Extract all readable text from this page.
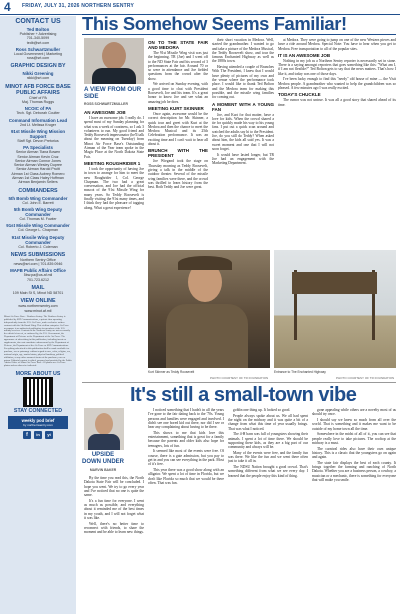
4 FRIDAY, JULY 31, 2026 NORTHERN SENTRY
CONTACT US
Ted Bolton
Publisher + Advertising
701-340-5099
tedb@srt.com
Ross Schwartzmuller
Local Government | Marketing
ross@srt.com
GRAPHIC DESIGN BY
Nikki Greening
nikki@srt.com
MINOT AFB FORCE BASE PUBLIC AFFAIRS
Chief of PA
Maj. Thomas Ruggs
NCOIC of PA
Tech. Sgt. Deborah Coulter
Command Information Lead
2nd Lt. Melissa Kruger
91st Missile Wing Mission Support
Staff Sgt. Devon Pretorius
PA Specialists
Senior Airman Tiana Bowen
Senior Airman Kevin Cruz
Senior Airman Connor Jones
Senior Airman Wesley Dupree
Senior Airman Harold Pruitt
Airman 1st Class Aubrey Romero
Airman 1st Class Haley Hoffman
Airman Benjamin Sellers
COMMANDERS
5th Bomb Wing Commander
Col. John E. Barrett
5th Bomb Wing Deputy Commander
Col. Thomas M. Fowler
91st Missile Wing Commander
Col. George L. Chapman
91st Missile Wing Deputy Commander
Col. Roberto J. Coleman
NEWS SUBMISSIONS
Northern Sentry Office
news@srt.com | 701.839.0946
MAFB Public Affairs Office
5bw.pa@us.af.mil
701.723.6212
MAIL
109 Main St S, Minot ND 58701
VIEW ONLINE
www.northernsentry.com
www.minot.af.mil
Minot Air Force Base - Northern Sentry: The Northern Sentry is published by SRT Communications, a private firm operating independently from the U.S. Air Force, under exclusive written contract with the 5th Bomb Wing. This civilian enterprise Air Force newspaper is an authorized publication for members of the U.S. military services. Contents of the Northern Sentry are not necessarily the official views of, or endorsed by, the U.S. Government, the Department of Defense or the Department of the Air Force. The appearance of advertising in this publication, including inserts or supplements, does not constitute endorsement by the Department of Defense, the Department of the Air Force or SRT Communications. Everything advertised in this publication shall be made available for purchase, use or patronage without regard to race, color, religion, sex, national origin, age, marital status, physical handicap, political affiliation, or any other nonmerit factor of the purchaser, user or patron. Editorial content is edited, prepared and provided by the Public Affairs Office of Minot Air Force Base. All photos are Air Force photos unless otherwise indicated.
MORE ABOUT US
STAY CONNECTED
weekly pod brief
by northernsentry.com
f	in	yt
This Somehow Seems Familiar!
A VIEW FROM OUR SIDE
ROSS SCHWARTZMULLER
AN AWESOME JOB

I have an awesome job. I really do. I spend most of my Sunday planning for what was a week of craziness, so I ask 3 volunteers to run. My good friend and Teddy Roosevelt impersonator (he'll talk about the meaning on Tuesday) from Minot Air Force Base's Outstanding Airman of the Year team spoke in the Magic Place at the North Dakota State Fair.

MEETING ROUGHRIDER 1

I took the opportunity of having Joe in town to arrange for him to meet the new Roughrider 1, Col. George Chapman. The two had a great conversation, and Joe had the official mascot of the 91st Missile Wing for many years. So Teddy Roosevelt is finally visiting the 91st many times, and I think they had the pleasure of tagging along. What a great experience!

ON TO THE STATE FAIR AND MEDORA

The 91st Missile Wing visit was just the beginning. TR (Joe) and I went off to the ND State Fair and his second of 3 performances at the fair. Around 70 or so were in attendance and Joe fielded questions from the crowd after the show.

We arrived on Sunday evening, with a good time to chat with President Roosevelt, Joe and his team. It's a great honor to know Joe and see what an amazing job he does.

MEETING KURT SKINNER

Once again, awesome would be the correct description for Mr. Skinner, a quick tour and greet with Kurt at the Medora and then the chance to meet the Medora Musical and its 25th Celebration performance. It was an exciting time and I can't wait to hear all about it.

BRUNCH WITH THE PRESIDENT

Joe Wiegand took the stage on Thursday morning as Teddy Roosevelt, giving a talk in the middle of the outdoor theater. Several of the missile wing families were there, and the crowd was thrilled to learn history from the best. Both Teddy and Joe were great.

their short vacation in Medora. Well, started the grandmother. I wanted to go and take a picture of the Medora Musical, the Teddy Roosevelt show, and tour the famous Enchanted Highway as well as the 1880s town.

Having attended a couple of Branches With The President, I knew that I would have plenty of pictures of my own and the venue where the performance took place. I would like to thank Ted Bolton and the Medora team for making this possible, and the missile wing families for coming out.

A MOMENT WITH A YOUNG FAN

Joe, and Kurt for that matter, have a love for kids. When the crowd shared a tie for quickly made his way to his young fans. I put out a quick scan around and watched the adults say hi to the President. Joe, do you still do Teddy? When asked about him, the kids all said yes. It was a sweet moment and one that I will not soon forget.

It would have lasted longer, but TR Joe had an engagement with the Marketing Department.

at Medora. They were going to jump on one of the new Western pieces and have a ride around Medora. Special Note: You have to hear when you get to Medora. Free transportation to all of the popular sites.

IT IS AN AWESOME JOB

Nothing in my job as a Northern Sentry reporter is necessarily set in stone. There is a saying amongst reporters that goes something like this: "What am I, if I am not flexible?" Ted Bolton gets to say that the news matters. That's how I like it, and today was one of those days.

I've been lucky enough to find this "nerdy" old house of mine — the Visit Medora people. A grandmother who wanted to help the grandchildren was so pleased. A few minutes ago I was really excited.

TODAY'S CHUCKLE

The rumor was not untrue. It was all a good story that shared ahead of its time.

Kurt Skinner as Teddy Roosevelt
PHOTO COURTESY OF TR FOUNDATION
Entrance to The Enchanted Highway
PHOTO COURTESY OF TR FOUNDATION
It's still a small-town vibe
UPSIDE DOWN UNDER
MARVIN BAKER

By the time you read this, the North Dakota State Fair will be concluded. I hope you went. We try to go every year and I've noticed that no one is quite the same.

It's a fun time for everyone. I went as much as possible, and everything about it reminded me of the best times in my youth, and I will not forget what it was like.

Well, there's no better time to reconnect with friends, to share the moment and be able to learn new things.

I noticed something that I hadn't in all the years I've gone to the fair dating back to the '70s. Young persons and families were engaged and involved. I didn't see one bored kid out there, nor did I see or hear any complaining about having to be there.

This shows to me that kids love this entertainment, something that is great for a family because the parents and older kids also hope for teenagers, lots of fun.

It seemed like most of the events were free. Of course, there is a gate admission, but you pay to get in and you can see everything in the park. Most of it's free.

This year there was a good show along with an alligator. We spent a lot of time in Florida, but we don't like Florida so much that we would be there often. That was fun.

goblin one thing up. It looked so good.

People always spoke about us. We all had spent the night on the midway and it was quite a bit of a change from what this time of year usually brings. That was what I noticed.

The 4-H barn was full of youngsters showing their animals. I spent a lot of time there. We should be supporting these kids, as they are a big part of our community and always will be.

Many of the events were free, and the family fun was there. We like the fun and we went there often just to take it all in.

The NDSU Nation brought a good crowd. That's something different from what we see every day. I learned that the people enjoy this kind of thing.

gone appealing while others are a novelty most of us should try once.

I should say we knew so much from all over the world. That is something and it makes me want to be outside of my home town all the time.

Somewhere in the midst of all of it, you can see that people really love to take pictures. The rooftop at the midway is a must.

The carnival rides also have their own unique history. This is a classic that the youngsters go on again and again.

The state fair displays the best of each county. It brings together the farming and ranching of North Dakota. Whether you are a business person, a cowboy, a musician or a mechanic, there is something for everyone that will make you smile.
